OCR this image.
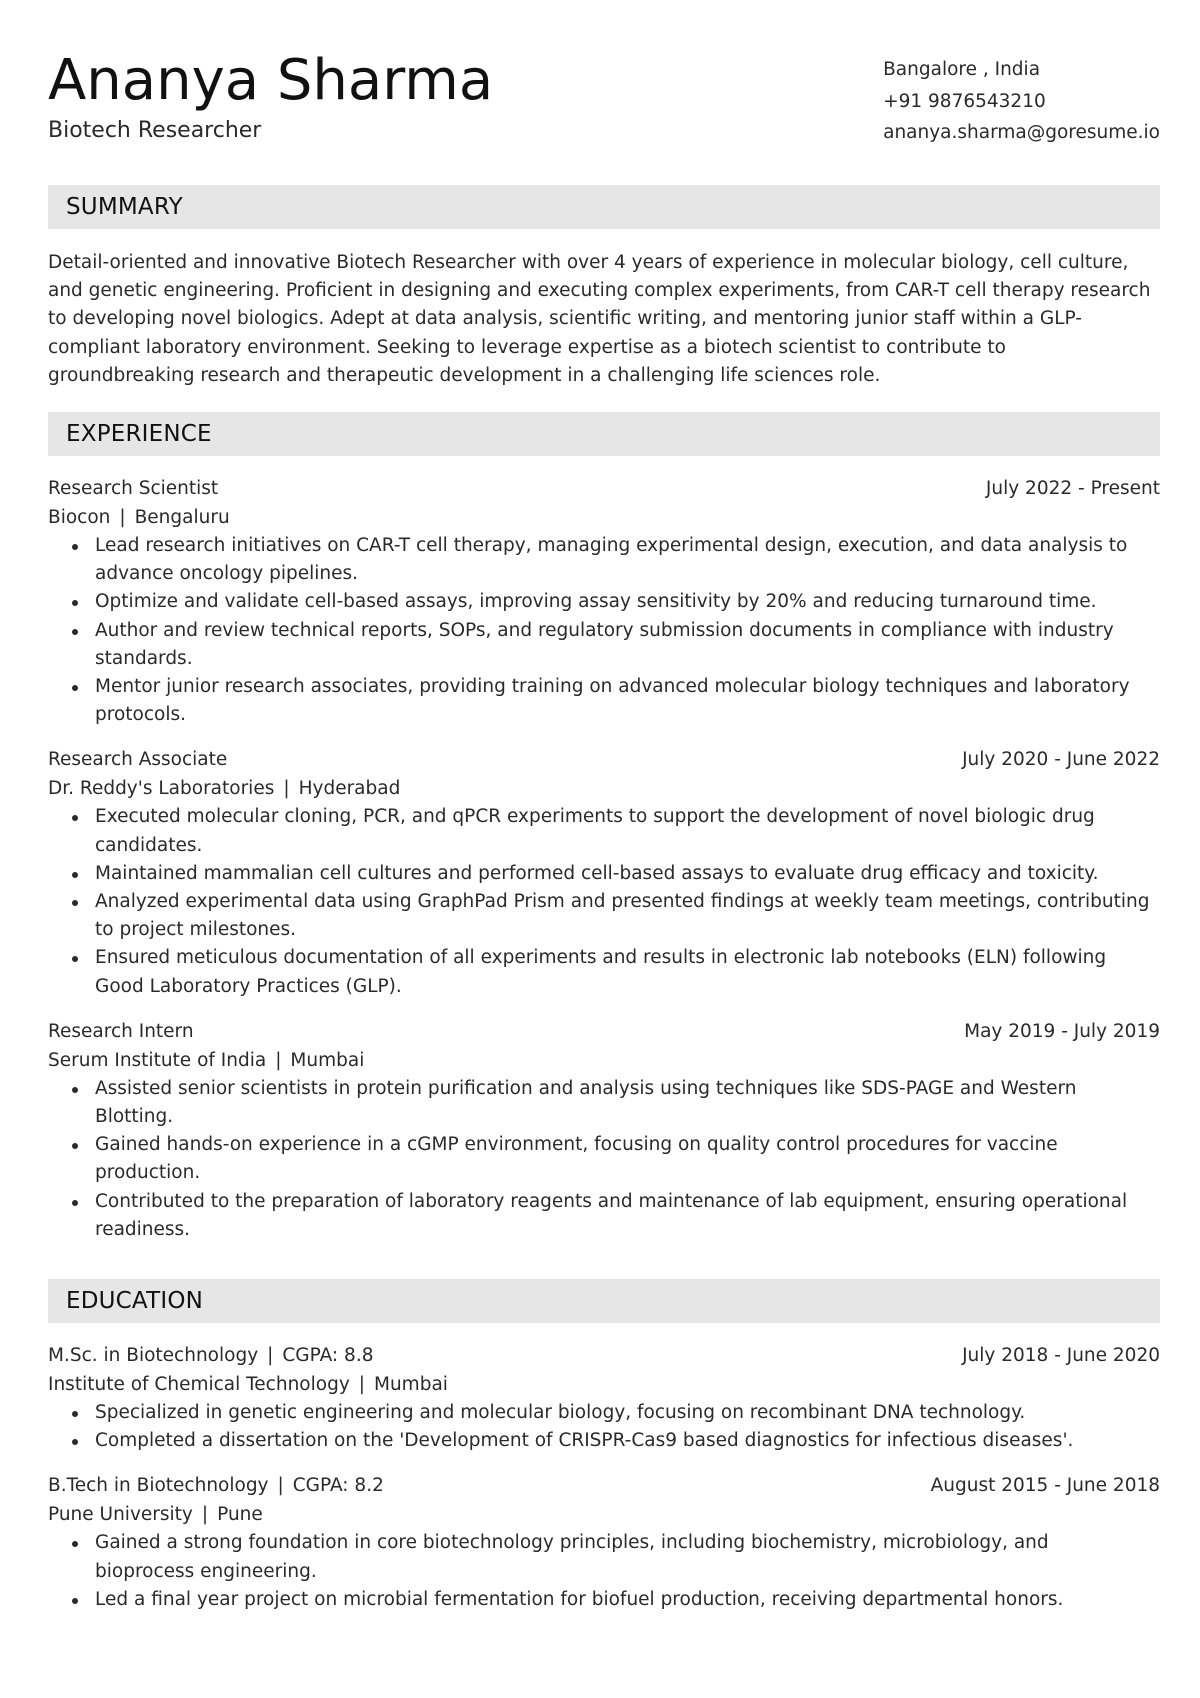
Ananya Sharma
Biotech Researcher
Bangalore , India
+91 9876543210
ananya.sharma@goresume.io
SUMMARY
Detail-oriented and innovative Biotech Researcher with over 4 years of experience in molecular biology, cell culture, and genetic engineering. Proficient in designing and executing complex experiments, from CAR-T cell therapy research to developing novel biologics. Adept at data analysis, scientific writing, and mentoring junior staff within a GLP-compliant laboratory environment. Seeking to leverage expertise as a biotech scientist to contribute to groundbreaking research and therapeutic development in a challenging life sciences role.
EXPERIENCE
Research Scientist	July 2022 - Present
Biocon | Bengaluru
Lead research initiatives on CAR-T cell therapy, managing experimental design, execution, and data analysis to advance oncology pipelines.
Optimize and validate cell-based assays, improving assay sensitivity by 20% and reducing turnaround time.
Author and review technical reports, SOPs, and regulatory submission documents in compliance with industry standards.
Mentor junior research associates, providing training on advanced molecular biology techniques and laboratory protocols.
Research Associate	July 2020 - June 2022
Dr. Reddy's Laboratories | Hyderabad
Executed molecular cloning, PCR, and qPCR experiments to support the development of novel biologic drug candidates.
Maintained mammalian cell cultures and performed cell-based assays to evaluate drug efficacy and toxicity.
Analyzed experimental data using GraphPad Prism and presented findings at weekly team meetings, contributing to project milestones.
Ensured meticulous documentation of all experiments and results in electronic lab notebooks (ELN) following Good Laboratory Practices (GLP).
Research Intern	May 2019 - July 2019
Serum Institute of India | Mumbai
Assisted senior scientists in protein purification and analysis using techniques like SDS-PAGE and Western Blotting.
Gained hands-on experience in a cGMP environment, focusing on quality control procedures for vaccine production.
Contributed to the preparation of laboratory reagents and maintenance of lab equipment, ensuring operational readiness.
EDUCATION
M.Sc. in Biotechnology | CGPA: 8.8	July 2018 - June 2020
Institute of Chemical Technology | Mumbai
Specialized in genetic engineering and molecular biology, focusing on recombinant DNA technology.
Completed a dissertation on the 'Development of CRISPR-Cas9 based diagnostics for infectious diseases'.
B.Tech in Biotechnology | CGPA: 8.2	August 2015 - June 2018
Pune University | Pune
Gained a strong foundation in core biotechnology principles, including biochemistry, microbiology, and bioprocess engineering.
Led a final year project on microbial fermentation for biofuel production, receiving departmental honors.
